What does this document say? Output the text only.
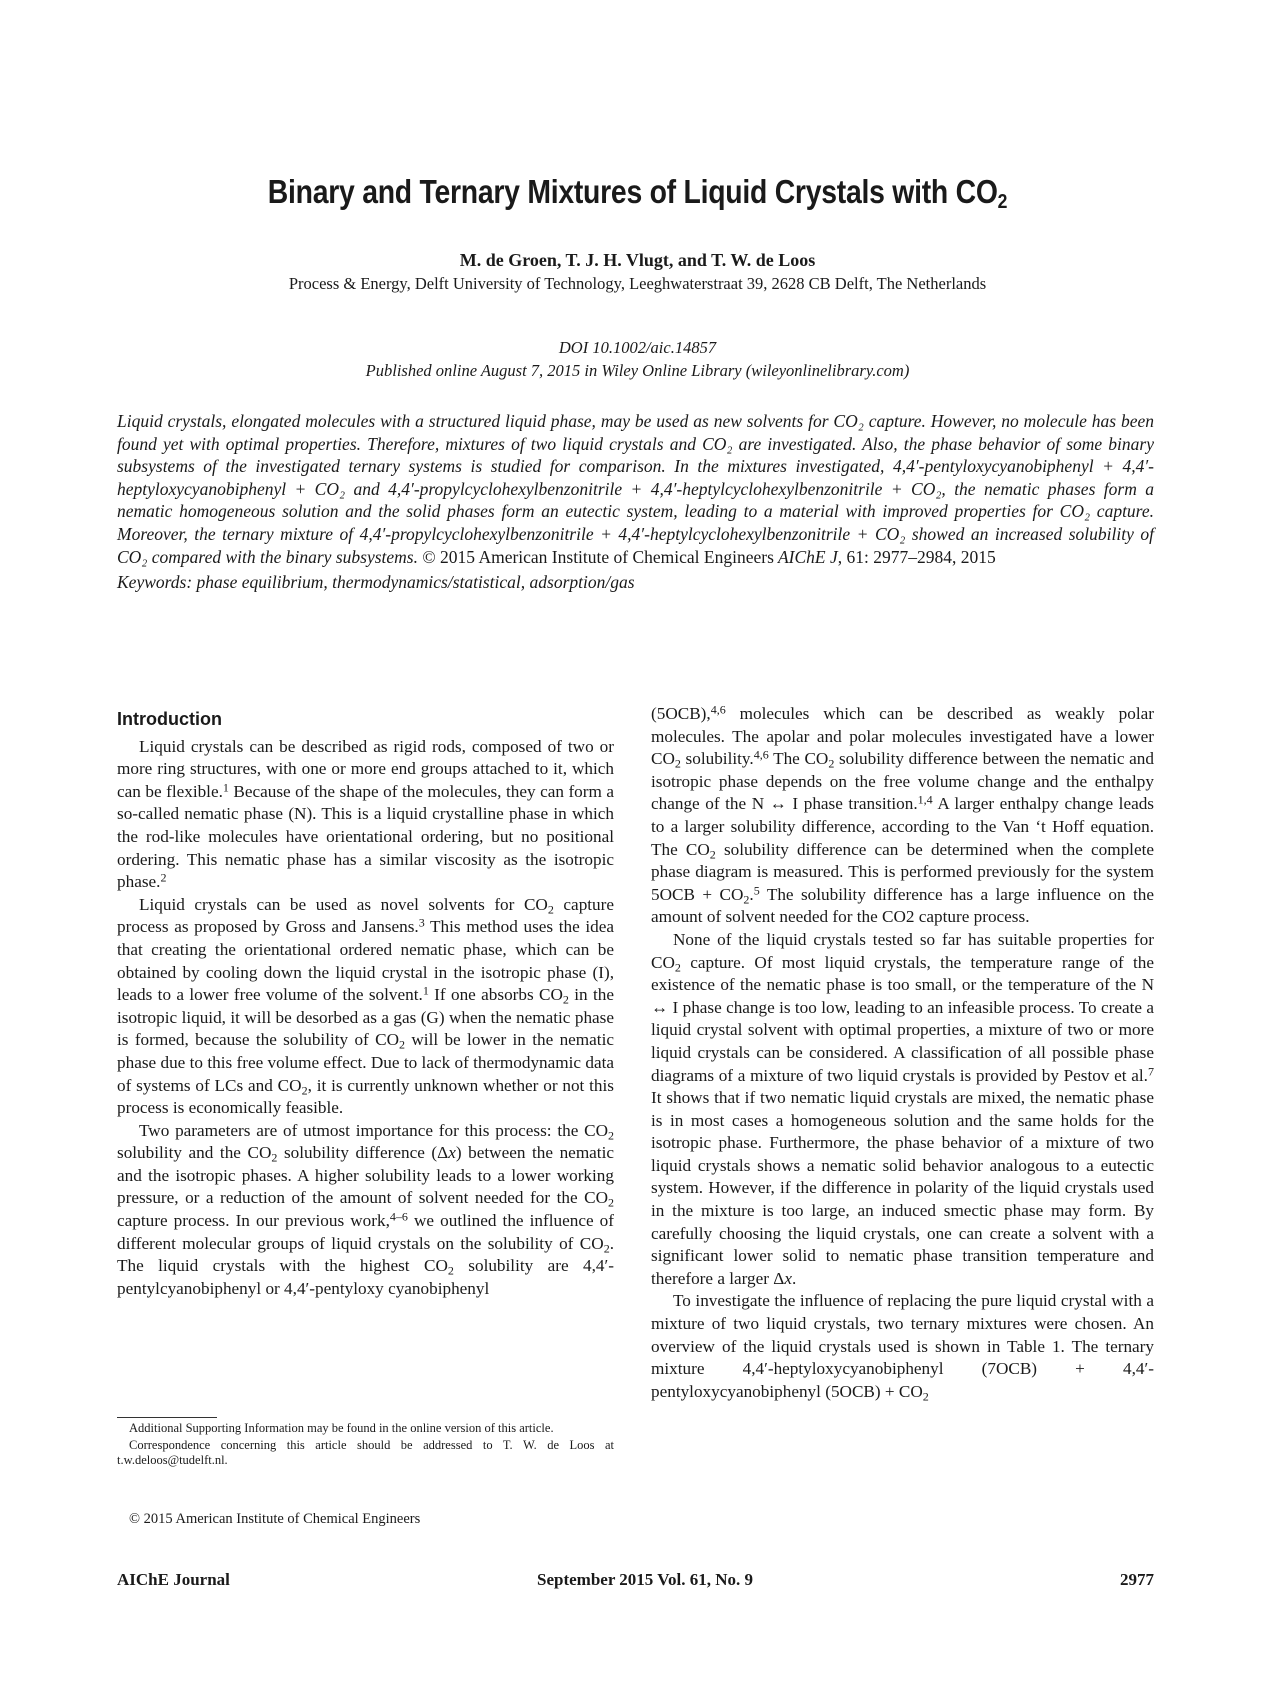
Binary and Ternary Mixtures of Liquid Crystals with $CO_2$
M. de Groen, T. J. H. Vlugt, and T. W. de Loos
Process & Energy, Delft University of Technology, Leeghwaterstraat 39, 2628 CB Delft, The Netherlands
DOI 10.1002/aic.14857
Published online August 7, 2015 in Wiley Online Library (wileyonlinelibrary.com)
Liquid crystals, elongated molecules with a structured liquid phase, may be used as new solvents for CO₂ capture. However, no molecule has been found yet with optimal properties. Therefore, mixtures of two liquid crystals and CO₂ are investigated. Also, the phase behavior of some binary subsystems of the investigated ternary systems is studied for comparison. In the mixtures investigated, 4,4′-pentyloxycyanobiphenyl + 4,4′-heptyloxycyanobiphenyl + CO₂ and 4,4′-propylcyclohexylbenzonitrile + 4,4′-heptylcyclohexylbenzonitrile + CO₂, the nematic phases form a nematic homogeneous solution and the solid phases form an eutectic system, leading to a material with improved properties for CO₂ capture. Moreover, the ternary mixture of 4,4′-propylcyclohexylbenzonitrile + 4,4′-heptylcyclohexylbenzonitrile + CO₂ showed an increased solubility of CO₂ compared with the binary subsystems. © 2015 American Institute of Chemical Engineers AIChE J, 61: 2977–2984, 2015
Keywords: phase equilibrium, thermodynamics/statistical, adsorption/gas
Introduction

Liquid crystals can be described as rigid rods, composed of two or more ring structures, with one or more end groups attached to it, which can be flexible.$^1$ Because of the shape of the molecules, they can form a so-called nematic phase (N). This is a liquid crystalline phase in which the rod-like molecules have orientational ordering, but no positional ordering. This nematic phase has a similar viscosity as the isotropic phase.$^2$

Liquid crystals can be used as novel solvents for $CO_2$ capture process as proposed by Gross and Jansens.$^3$ This method uses the idea that creating the orientational ordered nematic phase, which can be obtained by cooling down the liquid crystal in the isotropic phase (I), leads to a lower free volume of the solvent.$^1$ If one absorbs $CO_2$ in the isotropic liquid, it will be desorbed as a gas (G) when the nematic phase is formed, because the solubility of $CO_2$ will be lower in the nematic phase due to this free volume effect. Due to lack of thermodynamic data of systems of LCs and $CO_2$, it is currently unknown whether or not this process is economically feasible.

Two parameters are of utmost importance for this process: the $CO_2$ solubility and the $CO_2$ solubility difference (Δx) between the nematic and the isotropic phases. A higher solubility leads to a lower working pressure, or a reduction of the amount of solvent needed for the $CO_2$ capture process. In our previous work,$^{4-6}$ we outlined the influence of different molecular groups of liquid crystals on the solubility of $CO_2$. The liquid crystals with the highest $CO_2$ solubility are 4,4′-pentylcyanobiphenyl or 4,4′-pentyloxy cyanobiphenyl

(5OCB),$^{4,6}$ molecules which can be described as weakly polar molecules. The apolar and polar molecules investigated have a lower $CO_2$ solubility.$^{4,6}$ The $CO_2$ solubility difference between the nematic and isotropic phase depends on the free volume change and the enthalpy change of the N ↔ I phase transition.$^{1,4}$ A larger enthalpy change leads to a larger solubility difference, according to the Van ‘t Hoff equation. The $CO_2$ solubility difference can be determined when the complete phase diagram is measured. This is performed previously for the system $5OCB + CO_2.^5$ The solubility difference has a large influence on the amount of solvent needed for the CO2 capture process.

None of the liquid crystals tested so far has suitable properties for $CO_2$ capture. Of most liquid crystals, the temperature range of the existence of the nematic phase is too small, or the temperature of the N ↔ I phase change is too low, leading to an infeasible process. To create a liquid crystal solvent with optimal properties, a mixture of two or more liquid crystals can be considered. A classification of all possible phase diagrams of a mixture of two liquid crystals is provided by Pestov et al.$^7$ It shows that if two nematic liquid crystals are mixed, the nematic phase is in most cases a homogeneous solution and the same holds for the isotropic phase. Furthermore, the phase behavior of a mixture of two liquid crystals shows a nematic solid behavior analogous to a eutectic system. However, if the difference in polarity of the liquid crystals used in the mixture is too large, an induced smectic phase may form. By carefully choosing the liquid crystals, one can create a solvent with a significant lower solid to nematic phase transition temperature and therefore a larger Δx.

To investigate the influence of replacing the pure liquid crystal with a mixture of two liquid crystals, two ternary mixtures were chosen. An overview of the liquid crystals used is shown in Table 1. The ternary mixture 4,4′-heptyloxycyanobiphenyl (7OCB) + 4,4′-pentyloxycyanobiphenyl $(5OCB) + CO_2$

Additional Supporting Information may be found in the online version of this article.

Correspondence concerning this article should be addressed to T. W. de Loos at t.w.deloos@tudelft.nl.

© 2015 American Institute of Chemical Engineers
AIChE Journal	September 2015 Vol. 61, No. 9	2977
